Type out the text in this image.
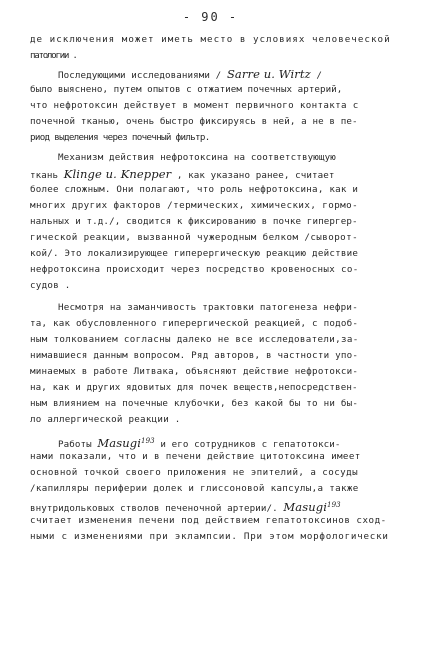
- 90 -
де исключения может иметь место в условиях человеческой
патологии .
Последующими исследованиями / Sarre u. Wirtz /
было выяснено, путем опытов с отжатием почечных артерий,
что нефротоксин действует в момент первичного контакта с
почечной тканью, очень быстро фиксируясь в ней, а не в пе-
риод выделения через почечный фильтр.
Механизм действия нефротоксина на соответствующую
ткань Klinge u. Knepper , как указано ранее, считает
более сложным. Они полагают, что роль нефротоксина, как и
многих других факторов /термических, химических, гормо-
нальных и т.д./, сводится к фиксированию в почке гипергер-
гической реакции, вызванной чужеродным белком /сыворот-
кой/. Это локализирующее гиперергическую реакцию действие
нефротоксина происходит через посредство кровеносных со-
судов .
Несмотря на заманчивость трактовки патогенеза нефри-
та, как обусловленного гиперергической реакцией, с подоб-
ным толкованием согласны далеко не все исследователи,за-
нимавшиеся данным вопросом. Ряд авторов, в частности упо-
минаемых в работе Литвака, объясняют действие нефротокси-
на, как и других ядовитых для почек веществ,непосредствен-
ным влиянием на почечные клубочки, без какой бы то ни бы-
ло аллергической реакции .
Работы Masugi$^{193}$ и его сотрудников с гепатотокси-
нами показали, что и в печени действие цитотоксина имеет
основной точкой своего приложения не эпителий, а сосуды
/капилляры периферии долек и глиссоновой капсулы,а также
внутридольковых стволов печеночной артерии/. Masugi$^{193}$
считает изменения печени под действием гепатотоксинов сход-
ными с изменениями при эклампсии. При этом морфологически
